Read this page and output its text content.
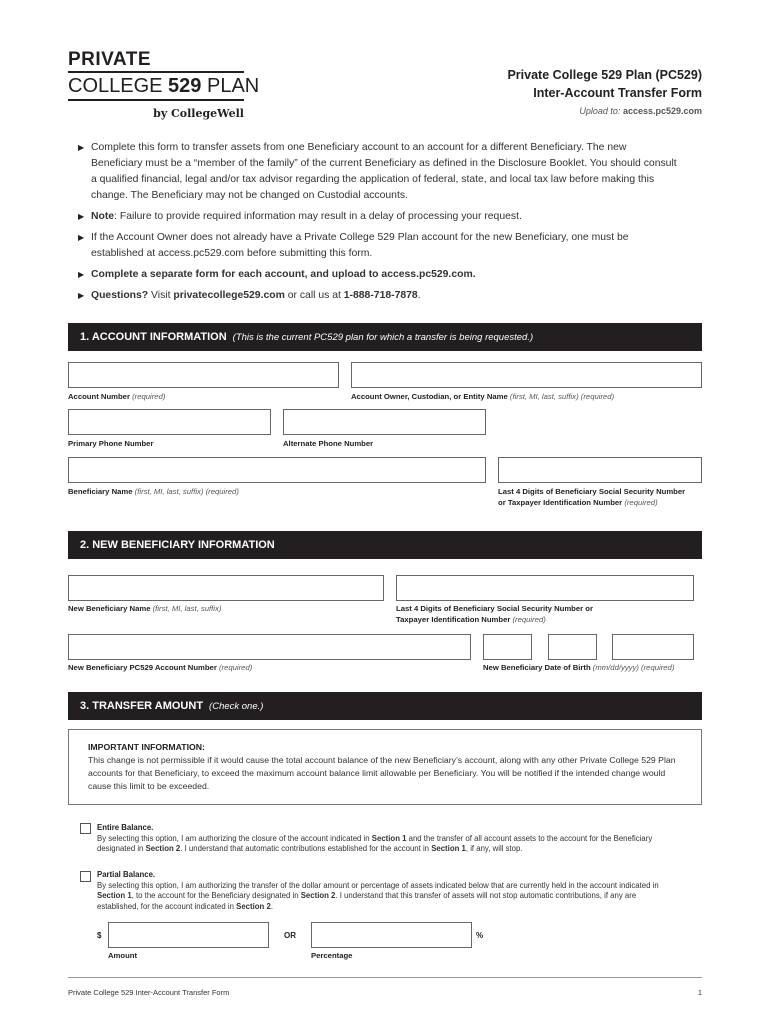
PRIVATE
COLLEGE 529 PLAN
by CollegeWell
Private College 529 Plan (PC529)
Inter-Account Transfer Form
Upload to: access.pc529.com
▶ Complete this form to transfer assets from one Beneficiary account to an account for a different Beneficiary. The new Beneficiary must be a “member of the family” of the current Beneficiary as defined in the Disclosure Booklet. You should consult a qualified financial, legal and/or tax advisor regarding the application of federal, state, and local tax law before making this change. The Beneficiary may not be changed on Custodial accounts.
▶ Note: Failure to provide required information may result in a delay of processing your request.
▶ If the Account Owner does not already have a Private College 529 Plan account for the new Beneficiary, one must be established at access.pc529.com before submitting this form.
▶ Complete a separate form for each account, and upload to access.pc529.com.
▶ Questions? Visit privatecollege529.com or call us at 1-888-718-7878.
1. ACCOUNT INFORMATION (This is the current PC529 plan for which a transfer is being requested.)
Account Number (required)	Account Owner, Custodian, or Entity Name (first, MI, last, suffix) (required)
Primary Phone Number	Alternate Phone Number
Beneficiary Name (first, MI, last, suffix) (required)	Last 4 Digits of Beneficiary Social Security Number
or Taxpayer Identification Number (required)
2. NEW BENEFICIARY INFORMATION
New Beneficiary Name (first, MI, last, suffix)	Last 4 Digits of Beneficiary Social Security Number or
Taxpayer Identification Number (required)
New Beneficiary PC529 Account Number (required)	New Beneficiary Date of Birth (mm/dd/yyyy) (required)
3. TRANSFER AMOUNT (Check one.)
IMPORTANT INFORMATION:
This change is not permissible if it would cause the total account balance of the new Beneficiary’s account, along with any other Private College 529 Plan accounts for that Beneficiary, to exceed the maximum account balance limit allowable per Beneficiary. You will be notified if the intended change would cause this limit to be exceeded.
Entire Balance.
By selecting this option, I am authorizing the closure of the account indicated in Section 1 and the transfer of all account assets to the account for the Beneficiary designated in Section 2. I understand that automatic contributions established for the account in Section 1, if any, will stop.
Partial Balance.
By selecting this option, I am authorizing the transfer of the dollar amount or percentage of assets indicated below that are currently held in the account indicated in Section 1, to the account for the Beneficiary designated in Section 2. I understand that this transfer of assets will not stop automatic contributions, if any are established, for the account indicated in Section 2.
$
Amount
OR	%
Percentage
Private College 529 Inter-Account Transfer Form	1
